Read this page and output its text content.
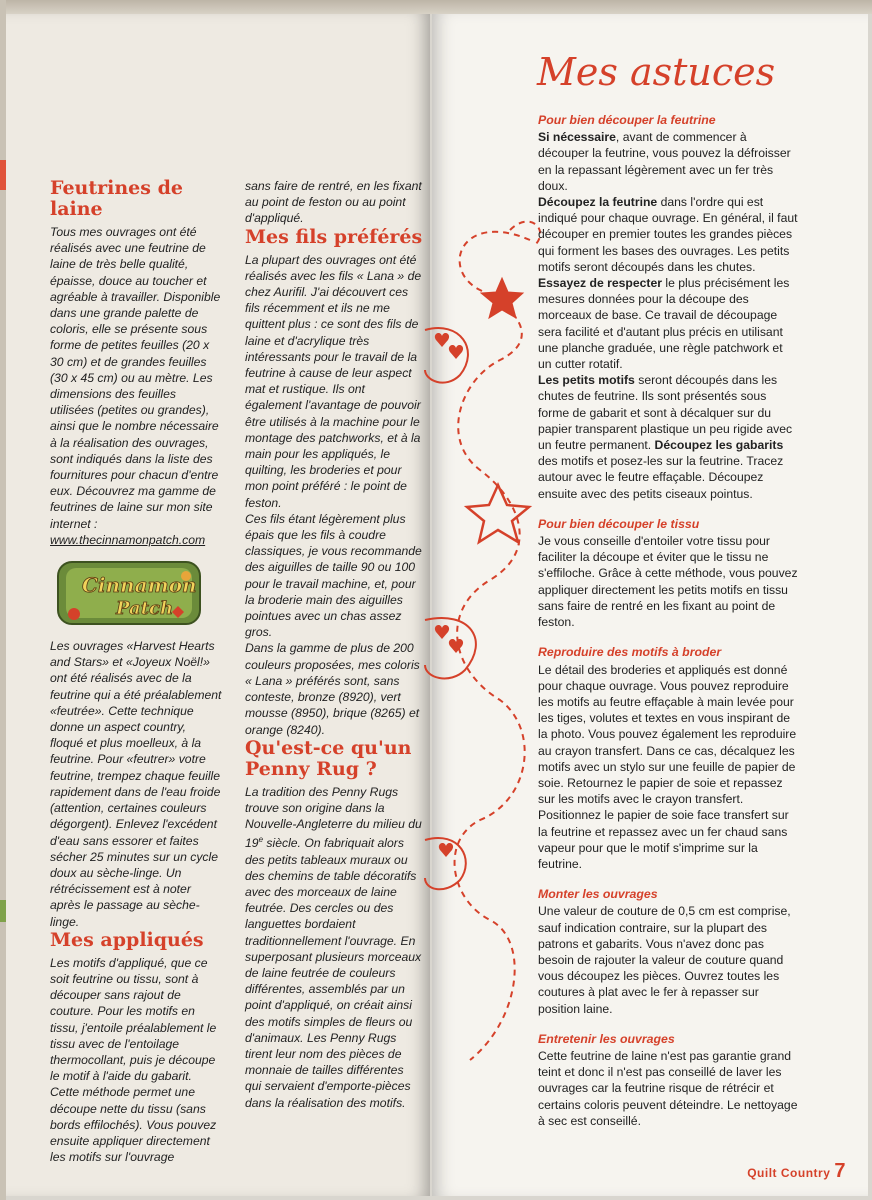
Feutrines de laine

Tous mes ouvrages ont été réalisés avec une feutrine de laine de très belle qualité, épaisse, douce au toucher et agréable à travailler. Disponible dans une grande palette de coloris, elle se présente sous forme de petites feuilles (20 x 30 cm) et de grandes feuilles (30 x 45 cm) ou au mètre. Les dimensions des feuilles utilisées (petites ou grandes), ainsi que le nombre nécessaire à la réalisation des ouvrages, sont indiqués dans la liste des fournitures pour chacun d'entre eux. Découvrez ma gamme de feutrines de laine sur mon site internet : www.thecinnamonpatch.com

Cinnamon
Patch

Les ouvrages «Harvest Hearts and Stars» et «Joyeux Noël!» ont été réalisés avec de la feutrine qui a été préalablement «feutrée». Cette technique donne un aspect country, floqué et plus moelleux, à la feutrine. Pour «feutrer» votre feutrine, trempez chaque feuille rapidement dans de l'eau froide (attention, certaines couleurs dégorgent). Enlevez l'excédent d'eau sans essorer et faites sécher 25 minutes sur un cycle doux au sèche-linge. Un rétrécissement est à noter après le passage au sèche-linge.

Mes appliqués

Les motifs d'appliqué, que ce soit feutrine ou tissu, sont à découper sans rajout de couture. Pour les motifs en tissu, j'entoile préalablement le tissu avec de l'entoilage thermocollant, puis je découpe le motif à l'aide du gabarit. Cette méthode permet une découpe nette du tissu (sans bords effilochés). Vous pouvez ensuite appliquer directement les motifs sur l'ouvrage

sans faire de rentré, en les fixant au point de feston ou au point d'appliqué.

Mes fils préférés

La plupart des ouvrages ont été réalisés avec les fils « Lana » de chez Aurifil. J'ai découvert ces fils récemment et ils ne me quittent plus : ce sont des fils de laine et d'acrylique très intéressants pour le travail de la feutrine à cause de leur aspect mat et rustique. Ils ont également l'avantage de pouvoir être utilisés à la machine pour le montage des patchworks, et à la main pour les appliqués, le quilting, les broderies et pour mon point préféré : le point de feston.

Ces fils étant légèrement plus épais que les fils à coudre classiques, je vous recommande des aiguilles de taille 90 ou 100 pour le travail machine, et, pour la broderie main des aiguilles pointues avec un chas assez gros.

Dans la gamme de plus de 200 couleurs proposées, mes coloris « Lana » préférés sont, sans conteste, bronze (8920), vert mousse (8950), brique (8265) et orange (8240).

Qu'est-ce qu'un Penny Rug ?

La tradition des Penny Rugs trouve son origine dans la Nouvelle-Angleterre du milieu du 19e siècle. On fabriquait alors des petits tableaux muraux ou des chemins de table décoratifs avec des morceaux de laine feutrée. Des cercles ou des languettes bordaient traditionnellement l'ouvrage. En superposant plusieurs morceaux de laine feutrée de couleurs différentes, assemblés par un point d'appliqué, on créait ainsi des motifs simples de fleurs ou d'animaux. Les Penny Rugs tirent leur nom des pièces de monnaie de tailles différentes qui servaient d'emporte-pièces dans la réalisation des motifs.

Mes astuces
Pour bien découper la feutrine

Si nécessaire, avant de commencer à découper la feutrine, vous pouvez la défroisser en la repassant légèrement avec un fer très doux.

Découpez la feutrine dans l'ordre qui est indiqué pour chaque ouvrage. En général, il faut découper en premier toutes les grandes pièces qui forment les bases des ouvrages. Les petits motifs seront découpés dans les chutes.

Essayez de respecter le plus précisément les mesures données pour la découpe des morceaux de base. Ce travail de découpage sera facilité et d'autant plus précis en utilisant une planche graduée, une règle patchwork et un cutter rotatif.

Les petits motifs seront découpés dans les chutes de feutrine. Ils sont présentés sous forme de gabarit et sont à décalquer sur du papier transparent plastique un peu rigide avec un feutre permanent. Découpez les gabarits des motifs et posez-les sur la feutrine. Tracez autour avec le feutre effaçable. Découpez ensuite avec des petits ciseaux pointus.

Pour bien découper le tissu

Je vous conseille d'entoiler votre tissu pour faciliter la découpe et éviter que le tissu ne s'effiloche. Grâce à cette méthode, vous pouvez appliquer directement les petits motifs en tissu sans faire de rentré en les fixant au point de feston.

Reproduire des motifs à broder

Le détail des broderies et appliqués est donné pour chaque ouvrage. Vous pouvez reproduire les motifs au feutre effaçable à main levée pour les tiges, volutes et textes en vous inspirant de la photo. Vous pouvez également les reproduire au crayon transfert. Dans ce cas, décalquez les motifs avec un stylo sur une feuille de papier de soie. Retournez le papier de soie et repassez sur les motifs avec le crayon transfert. Positionnez le papier de soie face transfert sur la feutrine et repassez avec un fer chaud sans vapeur pour que le motif s'imprime sur la feutrine.

Monter les ouvrages

Une valeur de couture de 0,5 cm est comprise, sauf indication contraire, sur la plupart des patrons et gabarits. Vous n'avez donc pas besoin de rajouter la valeur de couture quand vous découpez les pièces. Ouvrez toutes les coutures à plat avec le fer à repasser sur position laine.

Entretenir les ouvrages

Cette feutrine de laine n'est pas garantie grand teint et donc il n'est pas conseillé de laver les ouvrages car la feutrine risque de rétrécir et certains coloris peuvent déteindre. Le nettoyage à sec est conseillé.

Quilt Country 7
